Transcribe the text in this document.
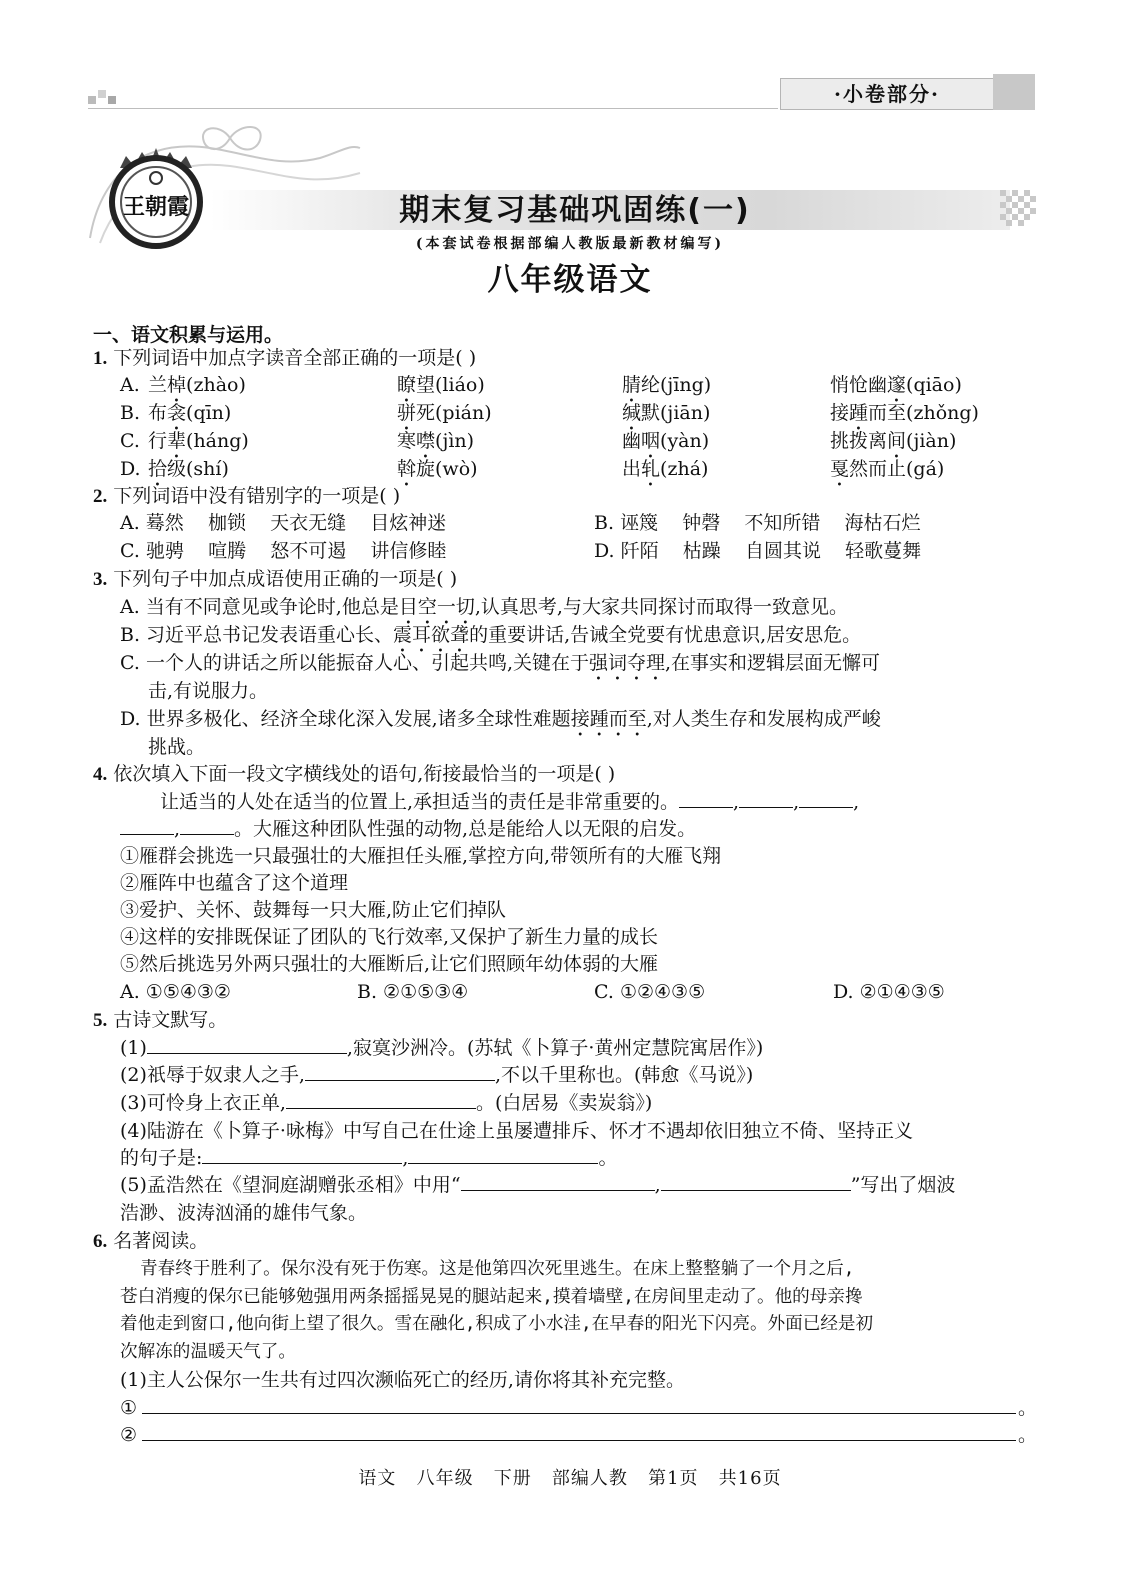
·小卷部分·
王朝霞	期末复习基础巩固练(一)
(本套试卷根据部编人教版最新教材编写)
八年级语文
一、语文积累与运用。
1. 下列词语中加点字读音全部正确的一项是( )
A. 兰棹(zhào)	瞭望(liáo)	腈纶(jīng)	悄怆幽邃(qiāo)
B. 布衾(qīn)	骈死(pián)	缄默(jiān)	接踵而至(zhǒng)
C. 行辈(háng)	寒噤(jìn)	幽咽(yàn)	挑拨离间(jiàn)
D. 拾级(shí)	斡旋(wò)	出轧(zhá)	戛然而止(gá)
2. 下列词语中没有错别字的一项是( )
A. 蓦然    枷锁    天衣无缝    目炫神迷	B. 诬篾    钟磬    不知所错    海枯石烂
C. 驰骋    喧腾    怒不可遏    讲信修睦	D. 阡陌    枯躁    自圆其说    轻歌蔓舞
3. 下列句子中加点成语使用正确的一项是( )
A. 当有不同意见或争论时,他总是目空一切,认真思考,与大家共同探讨而取得一致意见。
B. 习近平总书记发表语重心长、震耳欲聋的重要讲话,告诫全党要有忧患意识,居安思危。
C. 一个人的讲话之所以能振奋人心、引起共鸣,关键在于强词夺理,在事实和逻辑层面无懈可
击,有说服力。
D. 世界多极化、经济全球化深入发展,诸多全球性难题接踵而至,对人类生存和发展构成严峻
挑战。
4. 依次填入下面一段文字横线处的语句,衔接最恰当的一项是( )
让适当的人处在适当的位置上,承担适当的责任是非常重要的。	,	,	,
,	。大雁这种团队性强的动物,总是能给人以无限的启发。
①雁群会挑选一只最强壮的大雁担任头雁,掌控方向,带领所有的大雁飞翔
②雁阵中也蕴含了这个道理
③爱护、关怀、鼓舞每一只大雁,防止它们掉队
④这样的安排既保证了团队的飞行效率,又保护了新生力量的成长
⑤然后挑选另外两只强壮的大雁断后,让它们照顾年幼体弱的大雁
A. ①⑤④③②	B. ②①⑤③④	C. ①②④③⑤	D. ②①④③⑤
5. 古诗文默写。
(1)	,寂寞沙洲冷。(苏轼《卜算子·黄州定慧院寓居作》)
(2)祇辱于奴隶人之手,	,不以千里称也。(韩愈《马说》)
(3)可怜身上衣正单,	。(白居易《卖炭翁》)
(4)陆游在《卜算子·咏梅》中写自己在仕途上虽屡遭排斥、怀才不遇却依旧独立不倚、坚持正义
的句子是:	,	。
(5)孟浩然在《望洞庭湖赠张丞相》中用“	,	”写出了烟波
浩渺、波涛汹涌的雄伟气象。
6. 名著阅读。
青春终于胜利了。保尔没有死于伤寒。这是他第四次死里逃生。在床上整整躺了一个月之后,
苍白消瘦的保尔已能够勉强用两条摇摇晃晃的腿站起来,摸着墙壁,在房间里走动了。他的母亲搀
着他走到窗口,他向街上望了很久。雪在融化,积成了小水洼,在早春的阳光下闪亮。外面已经是初
次解冻的温暖天气了。
(1)主人公保尔一生共有过四次濒临死亡的经历,请你将其补充完整。
①	。
②	。
语文   八年级   下册   部编人教   第1页   共16页
